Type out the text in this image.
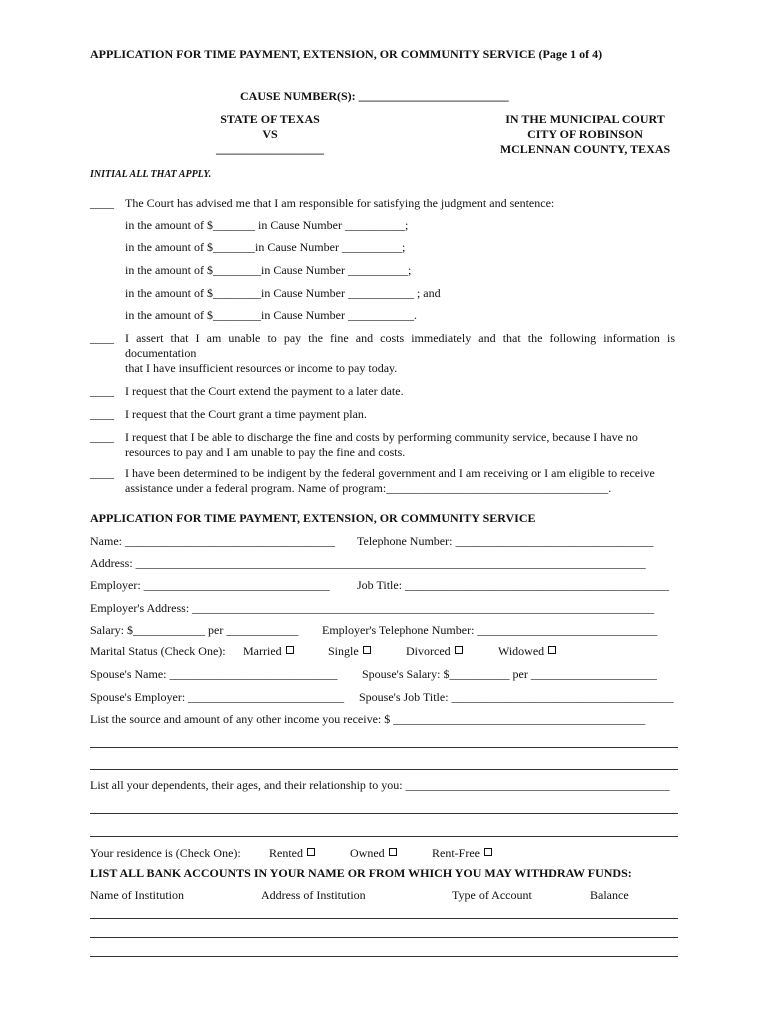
APPLICATION FOR TIME PAYMENT, EXTENSION, OR COMMUNITY SERVICE (Page 1 of 4)
CAUSE NUMBER(S): _________________________
STATE OF TEXAS
VS
__________________
IN THE MUNICIPAL COURT
CITY OF ROBINSON
MCLENNAN COUNTY, TEXAS
INITIAL ALL THAT APPLY.
____ The Court has advised me that I am responsible for satisfying the judgment and sentence:
in the amount of $_______ in Cause Number __________;
in the amount of $_______in Cause Number __________;
in the amount of $________in Cause Number __________;
in the amount of $________in Cause Number ___________ ; and
in the amount of $________in Cause Number ___________.
____ I assert that I am unable to pay the fine and costs immediately and that the following information is documentation
that I have insufficient resources or income to pay today.
____ I request that the Court extend the payment to a later date.
____ I request that the Court grant a time payment plan.
____ I request that I be able to discharge the fine and costs by performing community service, because I have no resources to pay and I am unable to pay the fine and costs.
____ I have been determined to be indigent by the federal government and I am receiving or I am eligible to receive assistance under a federal program. Name of program:_____________________________________.
APPLICATION FOR TIME PAYMENT, EXTENSION, OR COMMUNITY SERVICE
Name: ___________________________________ Telephone Number: _________________________________
Address: _____________________________________________________________________________________
Employer: _______________________________ Job Title: ____________________________________________
Employer's Address: _____________________________________________________________________________
Salary: $____________ per ____________ Employer's Telephone Number: ______________________________
Marital Status (Check One): Married	Single	Divorced	Widowed
Spouse's Name: ____________________________ Spouse's Salary: $__________ per _____________________
Spouse's Employer: __________________________ Spouse's Job Title: _____________________________________
List the source and amount of any other income you receive: $ __________________________________________
List all your dependents, their ages, and their relationship to you: ____________________________________________
Your residence is (Check One): Rented	Owned	Rent-Free
LIST ALL BANK ACCOUNTS IN YOUR NAME OR FROM WHICH YOU MAY WITHDRAW FUNDS:
Name of Institution	Address of Institution	Type of Account	Balance
